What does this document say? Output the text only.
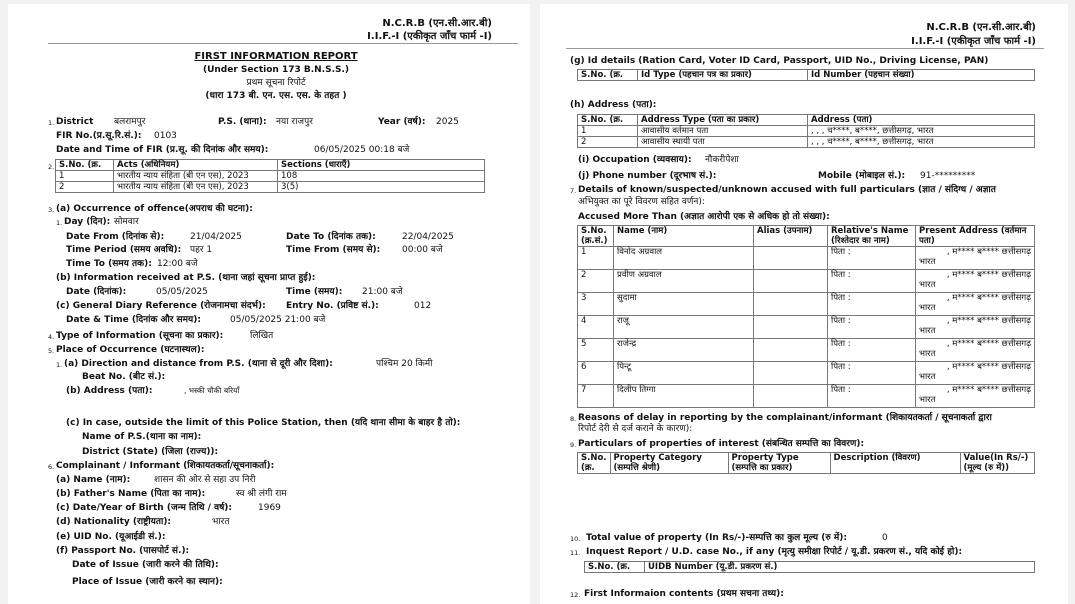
N.C.R.B (एन.सी.आर.बी)
I.I.F.-I (एकीकृत जाँच फार्म -I)
FIRST INFORMATION REPORT
(Under Section 173 B.N.S.S.)
प्रथम सूचना रिपोर्ट
(धारा 173 बी. एन. एस. एस. के तहत )
1. District बलरामपुर	P.S. (थाना): नया राजपुर	Year (वर्ष): 2025
FIR No.(प्र.सू.रि.सं.): 0103
Date and Time of FIR (प्र.सू. की दिनांक और समय):	06/05/2025 00:18 बजे
2. S.No. (क्र.	Acts (अधिनियम)	Sections (धाराएँ)
1	भारतीय न्याय संहिता (बी एन एस), 2023	108
2	भारतीय न्याय संहिता (बी एन एस), 2023	3(5)
3. (a) Occurrence of offence(अपराध की घटना):
1. Day (दिन): सोमवार
Date From (दिनांक से):	21/04/2025	Date To (दिनांक तक):	22/04/2025
Time Period (समय अवधि): पहर 1	Time From (समय से): 00:00 बजे
Time To (समय तक): 12:00 बजे
(b) Information received at P.S. (थाना जहां सूचना प्राप्त हुई):
Date (दिनांक):	05/05/2025	Time (समय): 21:00 बजे
(c) General Diary Reference (रोजनामचा संदर्भ): Entry No. (प्रविष्ट सं.):	012
Date & Time (दिनांक और समय):	05/05/2025 21:00 बजे
4. Type of Information (सूचना का प्रकार):	लिखित
5. Place of Occurrence (घटनास्थल):
1. (a) Direction and distance from P.S. (थाना से दूरी और दिशा):	पश्चिम 20 किमी
Beat No. (बीट सं.):
(b) Address (पता):	, भस्की चौकी बरियॉं
(c) In case, outside the limit of this Police Station, then (यदि थाना सीमा के बाहर है तो):
Name of P.S.(थाना का नाम):
District (State) (जिला (राज्य)):
6. Complainant / Informant (शिकायतकर्ता/सूचनाकर्ता):
(a) Name (नाम):	शासन की ओर से सहा उप निरी
(b) Father's Name (पिता का नाम):	स्व श्री लंगी राम
(c) Date/Year of Birth (जन्म तिथि / वर्ष):	1969
(d) Nationality (राष्ट्रीयता):	भारत
(e) UID No. (यूआईडी सं.):
(f) Passport No. (पासपोर्ट सं.):
Date of Issue (जारी करने की तिथि):
Place of Issue (जारी करने का स्थान):
N.C.R.B (एन.सी.आर.बी)
I.I.F.-I (एकीकृत जाँच फार्म -I)
(g) Id details (Ration Card, Voter ID Card, Passport, UID No., Driving License, PAN)
S.No. (क्र.	Id Type (पहचान पत्र का प्रकार)	Id Number (पहचान संख्या)
(h) Address (पता):
S.No. (क्र.	Address Type (पता का प्रकार)	Address (पता)
1	आवासीय वर्तमान पता	, , , च****, ब****, छत्तीसगढ़, भारत
2	आवासीय स्थायी पता	, , , च****, ब****, छत्तीसगढ़, भारत
(i) Occupation (व्यवसाय): नौकरीपेशा
(j) Phone number (दूरभाष सं.):	Mobile (मोबाइल सं.): 91-*********
7. Details of known/suspected/unknown accused with full particulars (ज्ञात / संदिग्ध / अज्ञात
अभियुक्त का पूरे विवरण सहित वर्णन):
Accused More Than (अज्ञात आरोपी एक से अधिक हो तो संख्या):
S.No. (क्र.सं.)	Name (नाम)	Alias (उपनाम)	Relative's Name (रिश्तेदार का नाम)	Present Address (वर्तमान पता)
1	विनोद अग्रवाल		पिता :	, म**** ब**** छत्तीसगढ़
भारत

2	प्रवीण अग्रवाल		पिता :	, म**** ब**** छत्तीसगढ़
भारत

3	सुदामा		पिता :	, म**** ब**** छत्तीसगढ़
भारत

4	राजू		पिता :	, म**** ब**** छत्तीसगढ़
भारत

5	राजेन्द्र		पिता :	, म**** ब**** छत्तीसगढ़
भारत

6	पिन्टू		पिता :	, म**** ब**** छत्तीसगढ़
भारत

7	दिलीप तिग्गा		पिता :	, म**** ब**** छत्तीसगढ़
भारत
8. Reasons of delay in reporting by the complainant/informant (शिकायतकर्ता / सूचनाकर्ता द्वारा
रिपोर्ट देरी से दर्ज कराने के कारण):
9. Particulars of properties of interest (संबन्धित सम्पत्ति का विवरण):
S.No. (क्र.	Property Category (सम्पत्ति श्रेणी)	Property Type (सम्पत्ति का प्रकार)	Description (विवरण)	Value(In Rs/-) (मूल्य (रु में))
10. Total value of property (In Rs/-)-सम्पत्ति का कुल मूल्य (रु में):	0
11. Inquest Report / U.D. case No., if any (मृत्यु समीक्षा रिपोर्ट / यू.डी. प्रकरण सं., यदि कोई हो):
S.No. (क्र.	UIDB Number (यू.डी. प्रकरण सं.)
12. First Informaion contents (प्रथम सचना तथ्य):
